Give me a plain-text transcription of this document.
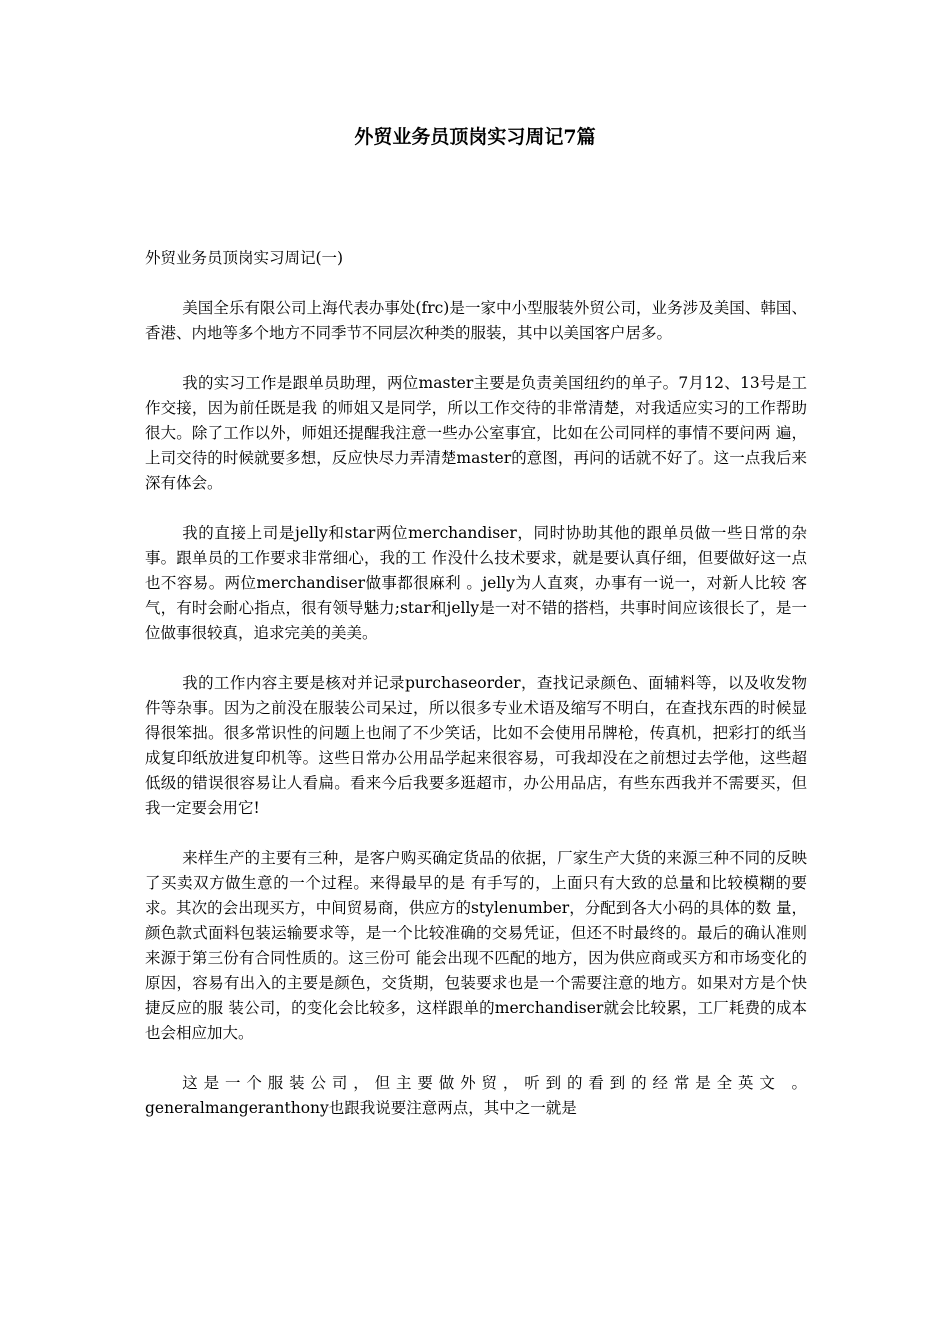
外贸业务员顶岗实习周记7篇

外贸业务员顶岗实习周记(一)

美国全乐有限公司上海代表办事处(frc)是一家中小型服装外贸公司，业务涉及美国、韩国、香港、内地等多个地方不同季节不同层次种类的服装，其中以美国客户居多。

我的实习工作是跟单员助理，两位master主要是负责美国纽约的单子。7月12、13号是工作交接，因为前任既是我 的师姐又是同学，所以工作交待的非常清楚，对我适应实习的工作帮助很大。除了工作以外，师姐还提醒我注意一些办公室事宜，比如在公司同样的事情不要问两 遍，上司交待的时候就要多想，反应快尽力弄清楚master的意图，再问的话就不好了。这一点我后来深有体会。

我的直接上司是jelly和star两位merchandiser，同时协助其他的跟单员做一些日常的杂事。跟单员的工作要求非常细心，我的工 作没什么技术要求，就是要认真仔细，但要做好这一点也不容易。两位merchandiser做事都很麻利 。jelly为人直爽，办事有一说一，对新人比较 客气，有时会耐心指点，很有领导魅力;star和jelly是一对不错的搭档，共事时间应该很长了，是一位做事很较真，追求完美的美美。

我的工作内容主要是核对并记录purchaseorder，查找记录颜色、面辅料等，以及收发物件等杂事。因为之前没在服装公司呆过，所以很多专业术语及缩写不明白，在查找东西的时候显得很笨拙。很多常识性的问题上也闹了不少笑话，比如不会使用吊牌枪，传真机，把彩打的纸当成复印纸放进复印机等。这些日常办公用品学起来很容易，可我却没在之前想过去学他，这些超低级的错误很容易让人看扁。看来今后我要多逛超市，办公用品店，有些东西我并不需要买，但我一定要会用它!

来样生产的主要有三种，是客户购买确定货品的依据，厂家生产大货的来源三种不同的反映了买卖双方做生意的一个过程。来得最早的是 有手写的，上面只有大致的总量和比较模糊的要求。其次的会出现买方，中间贸易商，供应方的stylenumber，分配到各大小码的具体的数 量，颜色款式面料包装运输要求等，是一个比较准确的交易凭证，但还不时最终的。最后的确认准则来源于第三份有合同性质的。这三份可 能会出现不匹配的地方，因为供应商或买方和市场变化的原因，容易有出入的主要是颜色，交货期，包装要求也是一个需要注意的地方。如果对方是个快捷反应的服 装公司，的变化会比较多，这样跟单的merchandiser就会比较累，工厂耗费的成本也会相应加大。

这是一个服装公司，但主要做外贸，听到的看到的经常是全英文 。generalmangeranthony也跟我说要注意两点，其中之一就是
